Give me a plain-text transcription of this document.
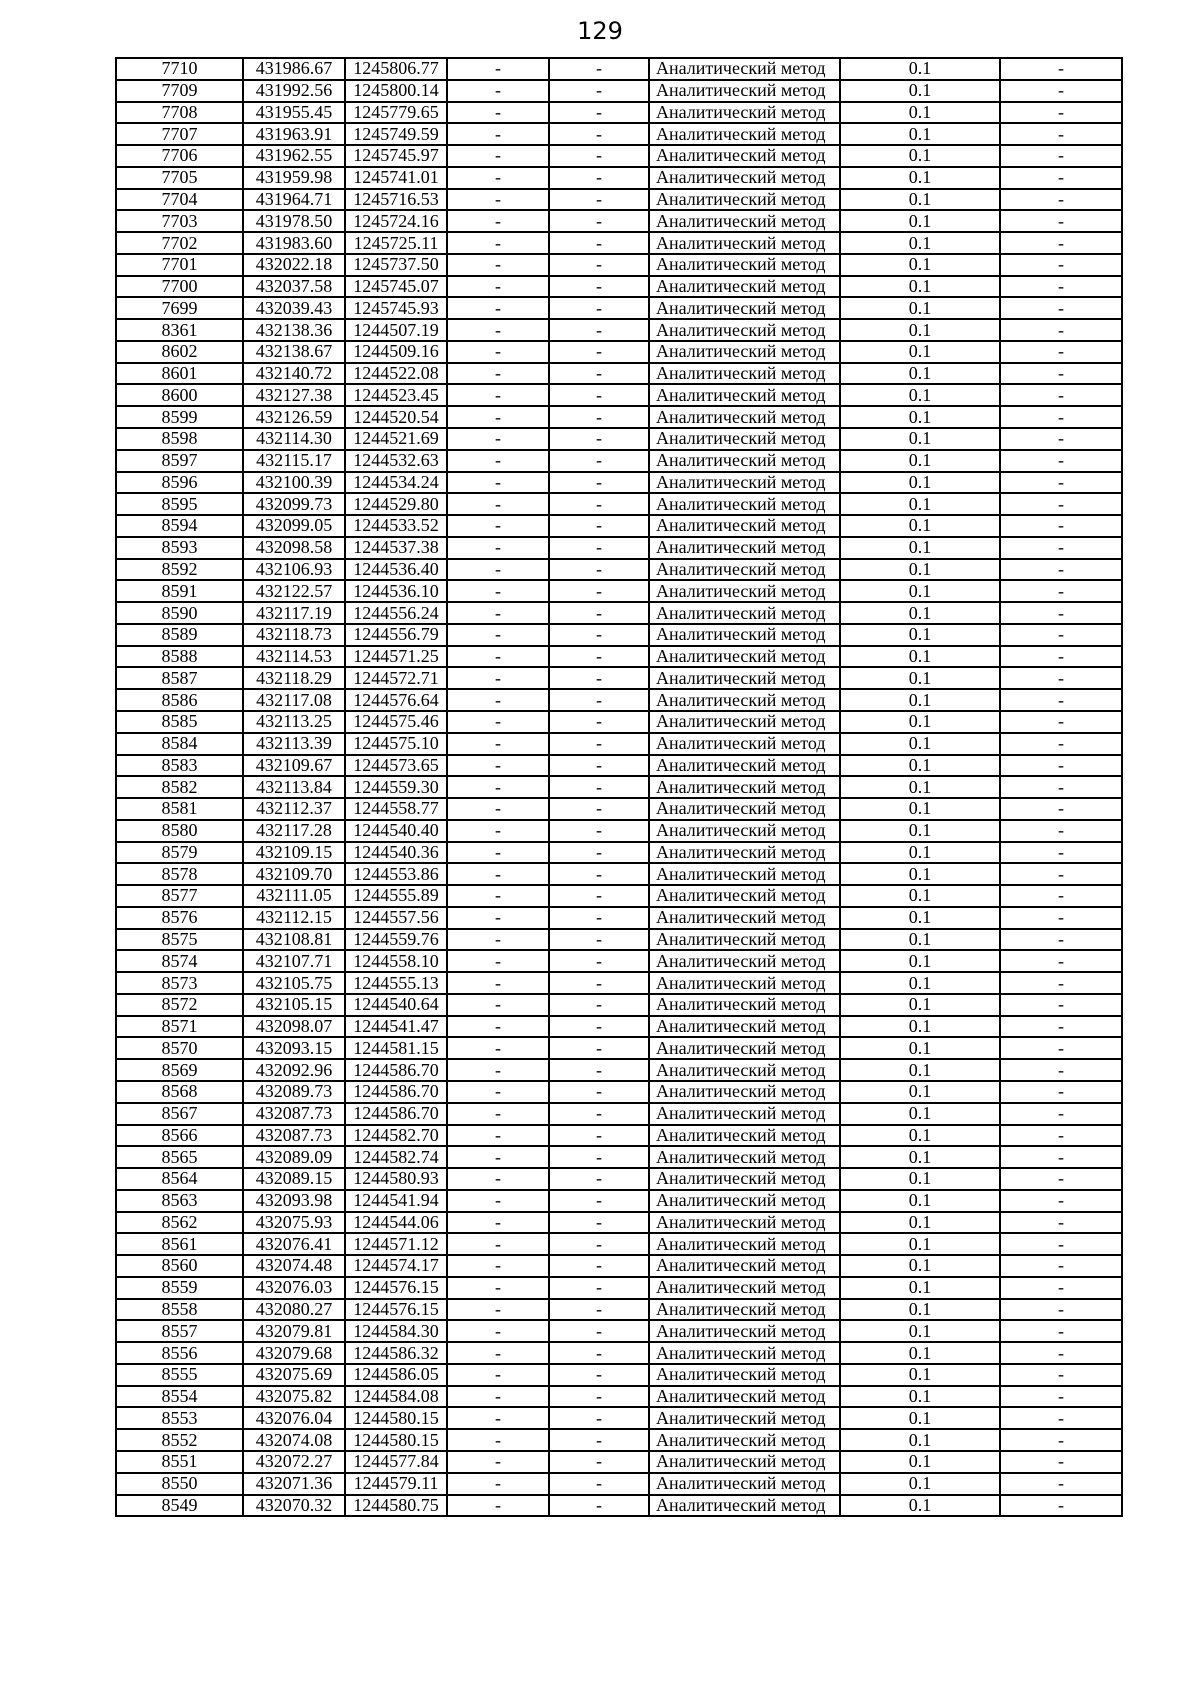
129
7710	431986.67	1245806.77	-	-	Аналитический метод	0.1	-
7709	431992.56	1245800.14	-	-	Аналитический метод	0.1	-
7708	431955.45	1245779.65	-	-	Аналитический метод	0.1	-
7707	431963.91	1245749.59	-	-	Аналитический метод	0.1	-
7706	431962.55	1245745.97	-	-	Аналитический метод	0.1	-
7705	431959.98	1245741.01	-	-	Аналитический метод	0.1	-
7704	431964.71	1245716.53	-	-	Аналитический метод	0.1	-
7703	431978.50	1245724.16	-	-	Аналитический метод	0.1	-
7702	431983.60	1245725.11	-	-	Аналитический метод	0.1	-
7701	432022.18	1245737.50	-	-	Аналитический метод	0.1	-
7700	432037.58	1245745.07	-	-	Аналитический метод	0.1	-
7699	432039.43	1245745.93	-	-	Аналитический метод	0.1	-
8361	432138.36	1244507.19	-	-	Аналитический метод	0.1	-
8602	432138.67	1244509.16	-	-	Аналитический метод	0.1	-
8601	432140.72	1244522.08	-	-	Аналитический метод	0.1	-
8600	432127.38	1244523.45	-	-	Аналитический метод	0.1	-
8599	432126.59	1244520.54	-	-	Аналитический метод	0.1	-
8598	432114.30	1244521.69	-	-	Аналитический метод	0.1	-
8597	432115.17	1244532.63	-	-	Аналитический метод	0.1	-
8596	432100.39	1244534.24	-	-	Аналитический метод	0.1	-
8595	432099.73	1244529.80	-	-	Аналитический метод	0.1	-
8594	432099.05	1244533.52	-	-	Аналитический метод	0.1	-
8593	432098.58	1244537.38	-	-	Аналитический метод	0.1	-
8592	432106.93	1244536.40	-	-	Аналитический метод	0.1	-
8591	432122.57	1244536.10	-	-	Аналитический метод	0.1	-
8590	432117.19	1244556.24	-	-	Аналитический метод	0.1	-
8589	432118.73	1244556.79	-	-	Аналитический метод	0.1	-
8588	432114.53	1244571.25	-	-	Аналитический метод	0.1	-
8587	432118.29	1244572.71	-	-	Аналитический метод	0.1	-
8586	432117.08	1244576.64	-	-	Аналитический метод	0.1	-
8585	432113.25	1244575.46	-	-	Аналитический метод	0.1	-
8584	432113.39	1244575.10	-	-	Аналитический метод	0.1	-
8583	432109.67	1244573.65	-	-	Аналитический метод	0.1	-
8582	432113.84	1244559.30	-	-	Аналитический метод	0.1	-
8581	432112.37	1244558.77	-	-	Аналитический метод	0.1	-
8580	432117.28	1244540.40	-	-	Аналитический метод	0.1	-
8579	432109.15	1244540.36	-	-	Аналитический метод	0.1	-
8578	432109.70	1244553.86	-	-	Аналитический метод	0.1	-
8577	432111.05	1244555.89	-	-	Аналитический метод	0.1	-
8576	432112.15	1244557.56	-	-	Аналитический метод	0.1	-
8575	432108.81	1244559.76	-	-	Аналитический метод	0.1	-
8574	432107.71	1244558.10	-	-	Аналитический метод	0.1	-
8573	432105.75	1244555.13	-	-	Аналитический метод	0.1	-
8572	432105.15	1244540.64	-	-	Аналитический метод	0.1	-
8571	432098.07	1244541.47	-	-	Аналитический метод	0.1	-
8570	432093.15	1244581.15	-	-	Аналитический метод	0.1	-
8569	432092.96	1244586.70	-	-	Аналитический метод	0.1	-
8568	432089.73	1244586.70	-	-	Аналитический метод	0.1	-
8567	432087.73	1244586.70	-	-	Аналитический метод	0.1	-
8566	432087.73	1244582.70	-	-	Аналитический метод	0.1	-
8565	432089.09	1244582.74	-	-	Аналитический метод	0.1	-
8564	432089.15	1244580.93	-	-	Аналитический метод	0.1	-
8563	432093.98	1244541.94	-	-	Аналитический метод	0.1	-
8562	432075.93	1244544.06	-	-	Аналитический метод	0.1	-
8561	432076.41	1244571.12	-	-	Аналитический метод	0.1	-
8560	432074.48	1244574.17	-	-	Аналитический метод	0.1	-
8559	432076.03	1244576.15	-	-	Аналитический метод	0.1	-
8558	432080.27	1244576.15	-	-	Аналитический метод	0.1	-
8557	432079.81	1244584.30	-	-	Аналитический метод	0.1	-
8556	432079.68	1244586.32	-	-	Аналитический метод	0.1	-
8555	432075.69	1244586.05	-	-	Аналитический метод	0.1	-
8554	432075.82	1244584.08	-	-	Аналитический метод	0.1	-
8553	432076.04	1244580.15	-	-	Аналитический метод	0.1	-
8552	432074.08	1244580.15	-	-	Аналитический метод	0.1	-
8551	432072.27	1244577.84	-	-	Аналитический метод	0.1	-
8550	432071.36	1244579.11	-	-	Аналитический метод	0.1	-
8549	432070.32	1244580.75	-	-	Аналитический метод	0.1	-
